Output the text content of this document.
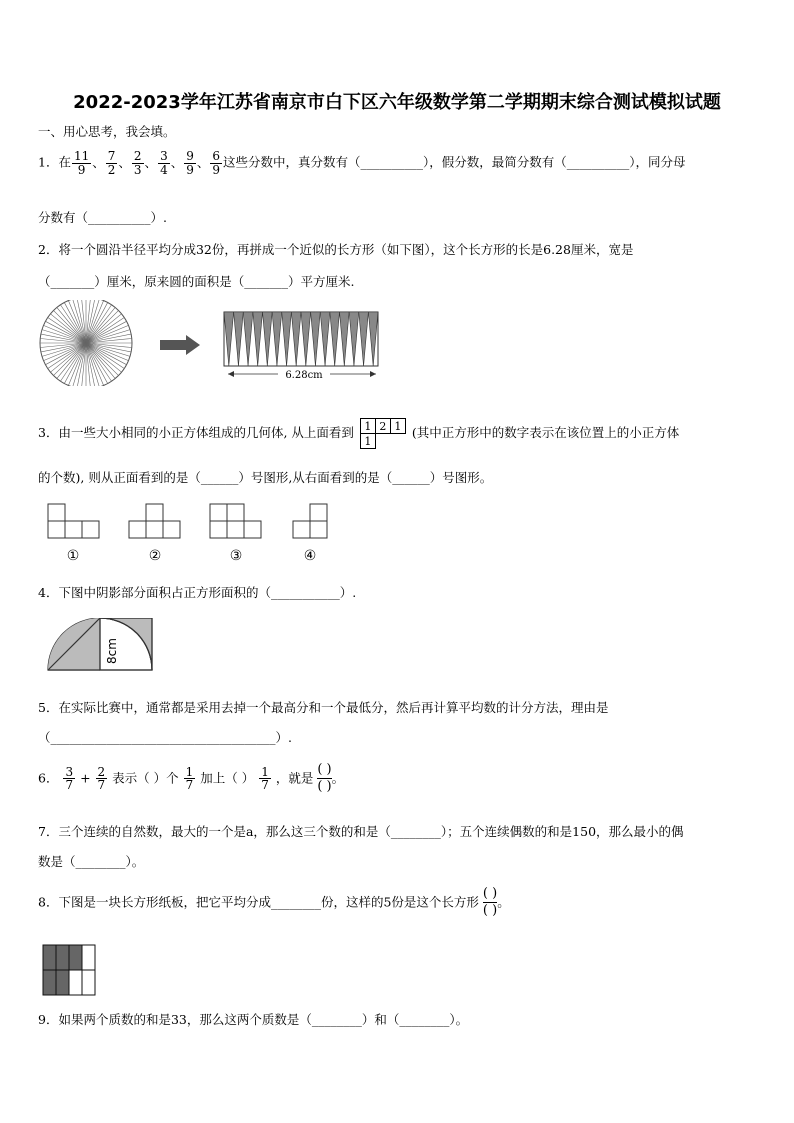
2022-2023学年江苏省南京市白下区六年级数学第二学期期末综合测试模拟试题
一、用心思考，我会填。
1．在 $\frac{11}{9}$ 、 $\frac{7}{2}$ 、 $\frac{2}{3}$ 、 $\frac{3}{4}$ 、 $\frac{9}{9}$ 、 $\frac{6}{9}$ 这些分数中，真分数有（__________），假分数，最简分数有（__________），同分母
分数有（__________）.
2．将一个圆沿半径平均分成32份，再拼成一个近似的长方形（如下图），这个长方形的长是6.28厘米，宽是
（_______）厘米，原来圆的面积是（_______）平方厘米.
6.28cm
3．由一些大小相同的小正方体组成的几何体, 从上面看到 1	2	1
1		(其中正方形中的数字表示在该位置上的小正方体
的个数), 则从正面看到的是（______）号图形,从右面看到的是（______）号图形。
①	②	③	④
4．下图中阴影部分面积占正方形面积的（___________）.
8cm
5．在实际比赛中，通常都是采用去掉一个最高分和一个最低分，然后再计算平均数的计分方法，理由是
（____________________________________）.
6． $\frac{3}{7} + \frac{2}{7}$ 表示（ ）个 $\frac{1}{7}$ 加上（ ） $\frac{1}{7}$ ，就是
( )
( )
。
7．三个连续的自然数，最大的一个是a，那么这三个数的和是（________）；五个连续偶数的和是150，那么最小的偶
数是（________）。
8．下图是一块长方形纸板，把它平均分成________份，这样的5份是这个长方形
( )
( )
。
9．如果两个质数的和是33，那么这两个质数是（________）和（________）。
